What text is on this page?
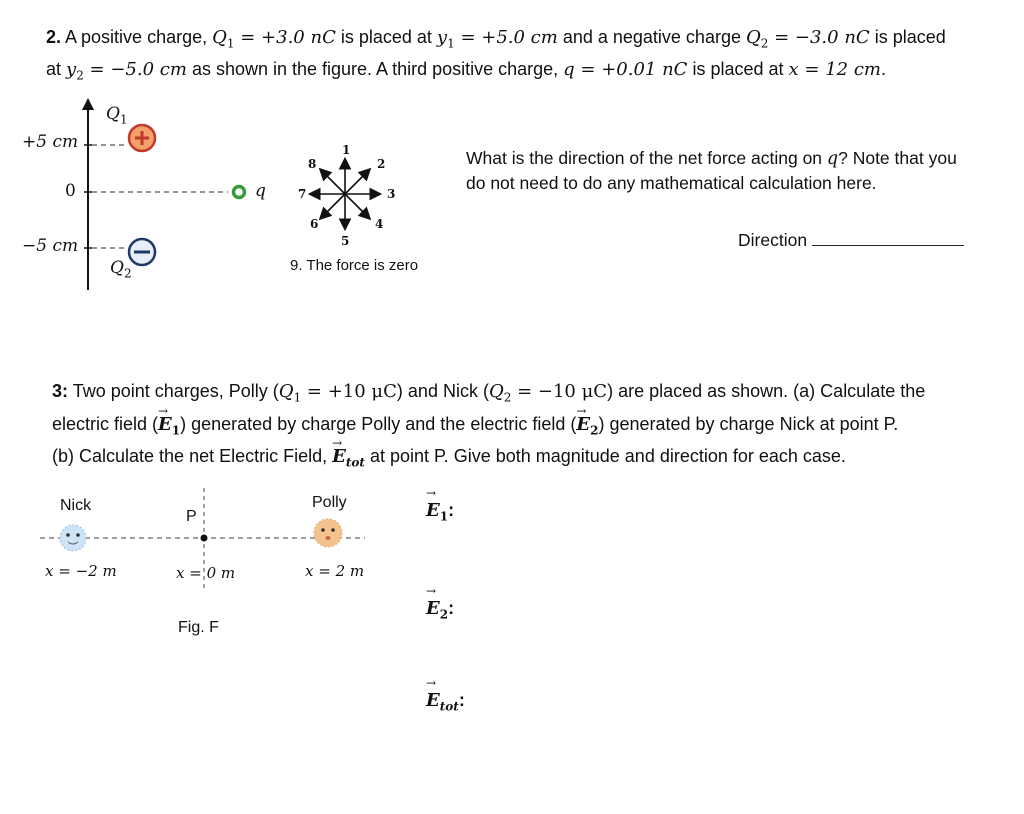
2. A positive charge, $Q_1 = +3.0$ nC is placed at $y_1 = +5.0$ cm and a negative charge $Q_2 = -3.0$ nC is placed
at $y_2 = -5.0$ cm as shown in the figure. A third positive charge, q = +0.01 nC is placed at x = 12 cm.
+5 cm
0
−5 cm
$Q_1$
$Q_2$
q
1
2
3
4
5
6
7
8
9. The force is zero
What is the direction of the net force acting on q? Note that you do not need to do any mathematical calculation here.
Direction
3: Two point charges, Polly ($Q_1 = +10$ μC) and Nick ($Q_2 = -10$ μC) are placed as shown. (a) Calculate the
electric field (→ $E_1$) generated by charge Polly and the electric field (→ $E_2$) generated by charge Nick at point P.
(b) Calculate the net Electric Field, → $E_{tot}$ at point P. Give both magnitude and direction for each case.
Nick	Polly
P
x = −2 m	x = 0 m	x = 2 m
Fig. F
→ $E_1$:
→ $E_2$:
→ $E_{tot}$:
